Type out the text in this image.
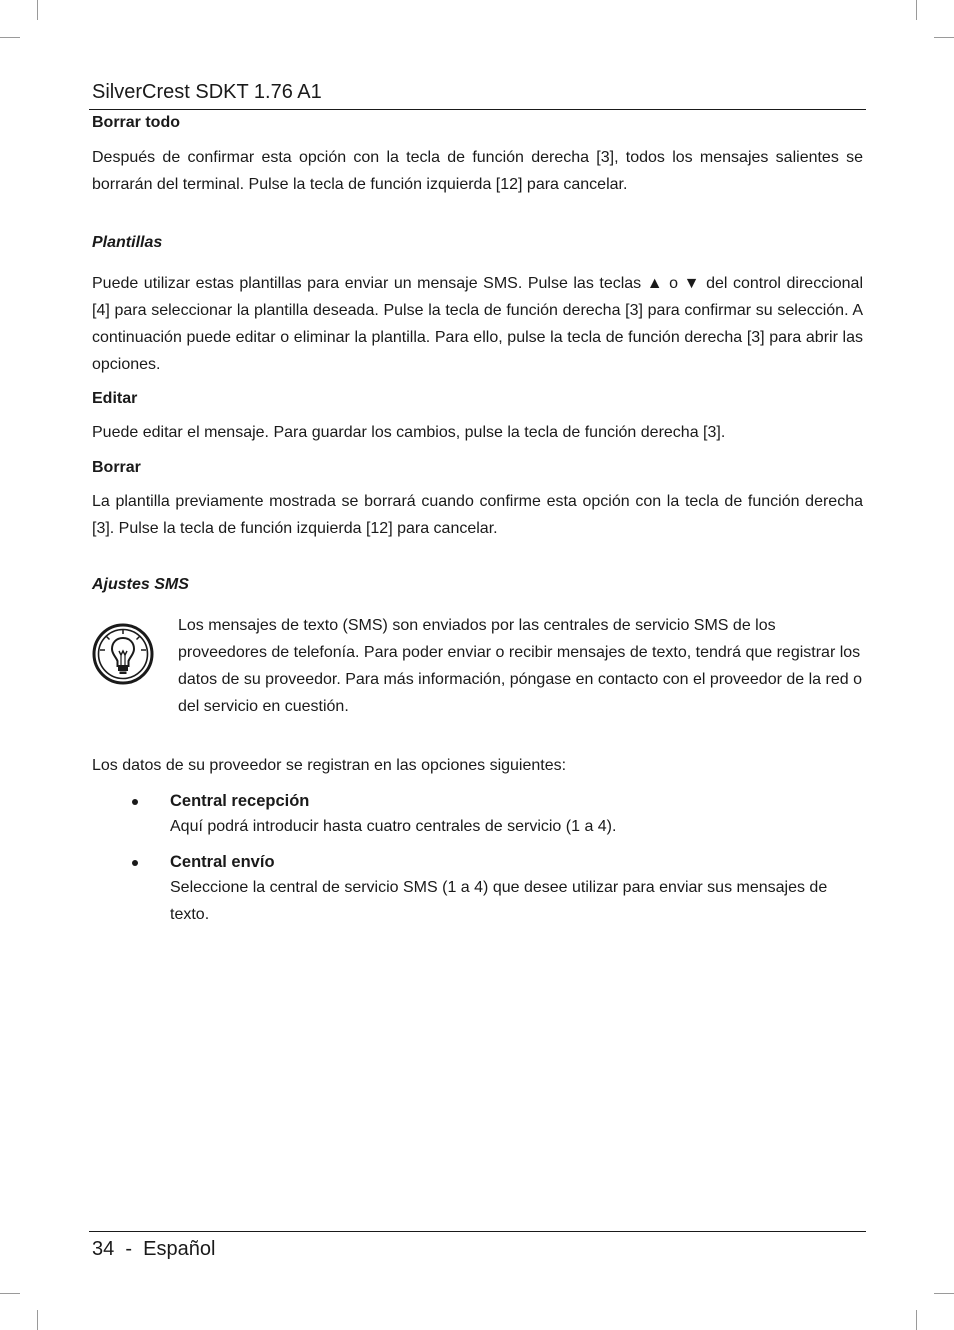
SilverCrest SDKT 1.76 A1

Borrar todo

Después de confirmar esta opción con la tecla de función derecha [3], todos los mensajes salientes se borrarán del terminal. Pulse la tecla de función izquierda [12] para cancelar.

Plantillas

Puede utilizar estas plantillas para enviar un mensaje SMS. Pulse las teclas ▲ o ▼ del control direccional [4] para seleccionar la plantilla deseada. Pulse la tecla de función derecha [3] para confirmar su selección. A continuación puede editar o eliminar la plantilla. Para ello, pulse la tecla de función derecha [3] para abrir las opciones.

Editar

Puede editar el mensaje. Para guardar los cambios, pulse la tecla de función derecha [3].

Borrar

La plantilla previamente mostrada se borrará cuando confirme esta opción con la tecla de función derecha [3]. Pulse la tecla de función izquierda [12] para cancelar.

Ajustes SMS

Los mensajes de texto (SMS) son enviados por las centrales de servicio SMS de los proveedores de telefonía. Para poder enviar o recibir mensajes de texto, tendrá que registrar los datos de su proveedor. Para más información, póngase en contacto con el proveedor de la red o del servicio en cuestión.

Los datos de su proveedor se registran en las opciones siguientes:

Central recepción
Aquí podrá introducir hasta cuatro centrales de servicio (1 a 4).
Central envío
Seleccione la central de servicio SMS (1 a 4) que desee utilizar para enviar sus mensajes de texto.
34  -  Español
